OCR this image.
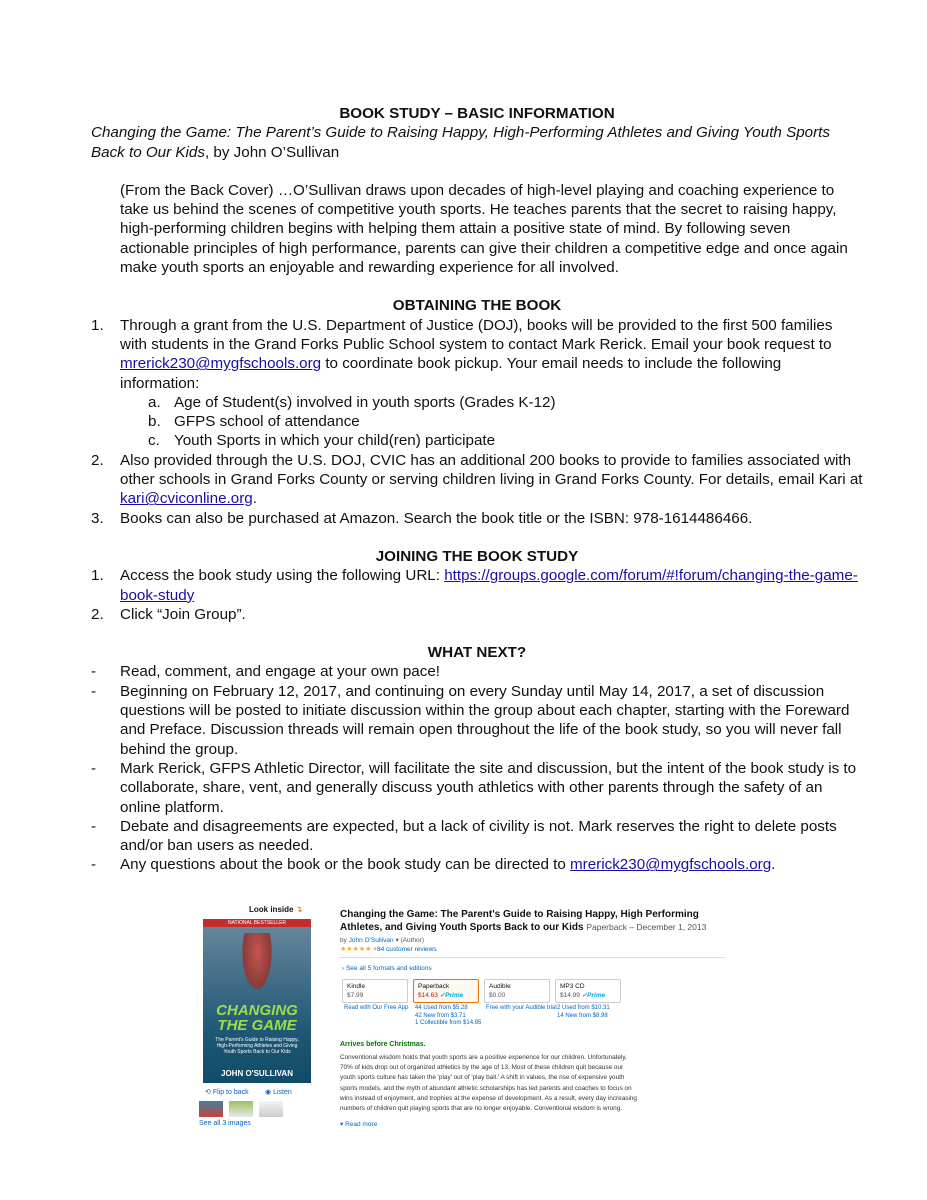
BOOK STUDY – BASIC INFORMATION

Changing the Game: The Parent’s Guide to Raising Happy, High-Performing Athletes and Giving Youth Sports Back to Our Kids, by John O’Sullivan

(From the Back Cover) …O’Sullivan draws upon decades of high-level playing and coaching experience to take us behind the scenes of competitive youth sports. He teaches parents that the secret to raising happy, high-performing children begins with helping them attain a positive state of mind. By following seven actionable principles of high performance, parents can give their children a competitive edge and once again make youth sports an enjoyable and rewarding experience for all involved.

OBTAINING THE BOOK

1. Through a grant from the U.S. Department of Justice (DOJ), books will be provided to the first 500 families with students in the Grand Forks Public School system to contact Mark Rerick. Email your book request to mrerick230@mygfschools.org to coordinate book pickup. Your email needs to include the following information:
a. Age of Student(s) involved in youth sports (Grades K-12)
b. GFPS school of attendance
c. Youth Sports in which your child(ren) participate
2. Also provided through the U.S. DOJ, CVIC has an additional 200 books to provide to families associated with other schools in Grand Forks County or serving children living in Grand Forks County. For details, email Kari at kari@cviconline.org.
3. Books can also be purchased at Amazon. Search the book title or the ISBN: 978-1614486466.

JOINING THE BOOK STUDY

1. Access the book study using the following URL: https://groups.google.com/forum/#!forum/changing-the-game-book-study
2. Click “Join Group”.

WHAT NEXT?

- Read, comment, and engage at your own pace!
- Beginning on February 12, 2017, and continuing on every Sunday until May 14, 2017, a set of discussion questions will be posted to initiate discussion within the group about each chapter, starting with the Foreward and Preface. Discussion threads will remain open throughout the life of the book study, so you will never fall behind the group.
- Mark Rerick, GFPS Athletic Director, will facilitate the site and discussion, but the intent of the book study is to collaborate, share, vent, and generally discuss youth athletics with other parents through the safety of an online platform.
- Debate and disagreements are expected, but a lack of civility is not. Mark reserves the right to delete posts and/or ban users as needed.
- Any questions about the book or the book study can be directed to mrerick230@mygfschools.org.
Look inside ↴
NATIONAL BESTSELLER
CHANGING THE GAME
The Parent's Guide to Raising Happy, High-Performing Athletes and Giving Youth Sports Back to Our Kids
JOHN O'SULLIVAN
⟲ Flip to back ◉ Listen
See all 3 images
Changing the Game: The Parent's Guide to Raising Happy, High Performing Athletes, and Giving Youth Sports Back to our Kids Paperback – December 1, 2013
by John O'Sullivan ▾ (Author)
★★★★★ ▾ 84 customer reviews
› See all 5 formats and editions
Kindle
$7.99
Paperback
$14.63 ✓Prime
Audible
$0.00
MP3 CD
$14.99 ✓Prime
Read with Our Free App 44 Used from $5.28
42 New from $3.71
1 Collectible from $14.95
Free with your Audible trial 2 Used from $10.31
14 New from $8.98
Arrives before Christmas.
Conventional wisdom holds that youth sports are a positive experience for our children. Unfortunately, 70% of kids drop out of organized athletics by the age of 13. Most of these children quit because our youth sports culture has taken the 'play' out of 'play ball.' A shift in values, the rise of expensive youth sports models, and the myth of abundant athletic scholarships has led parents and coaches to focus on wins instead of enjoyment, and trophies at the expense of development. As a result, every day increasing numbers of children quit playing sports that are no longer enjoyable. Conventional wisdom is wrong.
▾ Read more
